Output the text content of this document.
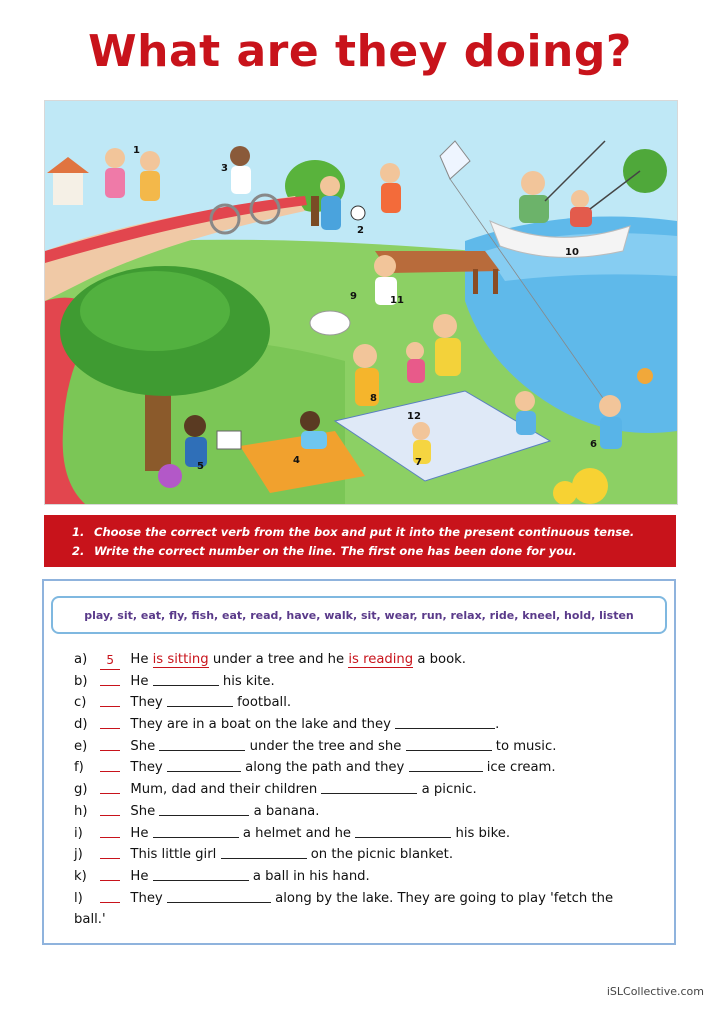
What are they doing?
1
2
3
4
5
6
7
8
9
10
11
12
1. Choose the correct verb from the box and put it into the present continuous tense.
2. Write the correct number on the line. The first one has been done for you.
play, sit, eat, fly, fish, eat, read, have, walk, sit, wear, run, relax, ride, kneel, hold, listen
a) 5 He is sitting under a tree and he is reading a book.
b)	He	his kite.
c)	They	football.
d)	They are in a boat on the lake and they	.
e)	She	under the tree and she	to music.
f)	They	along the path and they	ice cream.
g)	Mum, dad and their children	a picnic.
h)	She	a banana.
i)	He	a helmet and he	his bike.
j)	This little girl	on the picnic blanket.
k)	He	a ball in his hand.
l)	They	along by the lake. They are going to play 'fetch the
ball.'
iSLCollective.com
